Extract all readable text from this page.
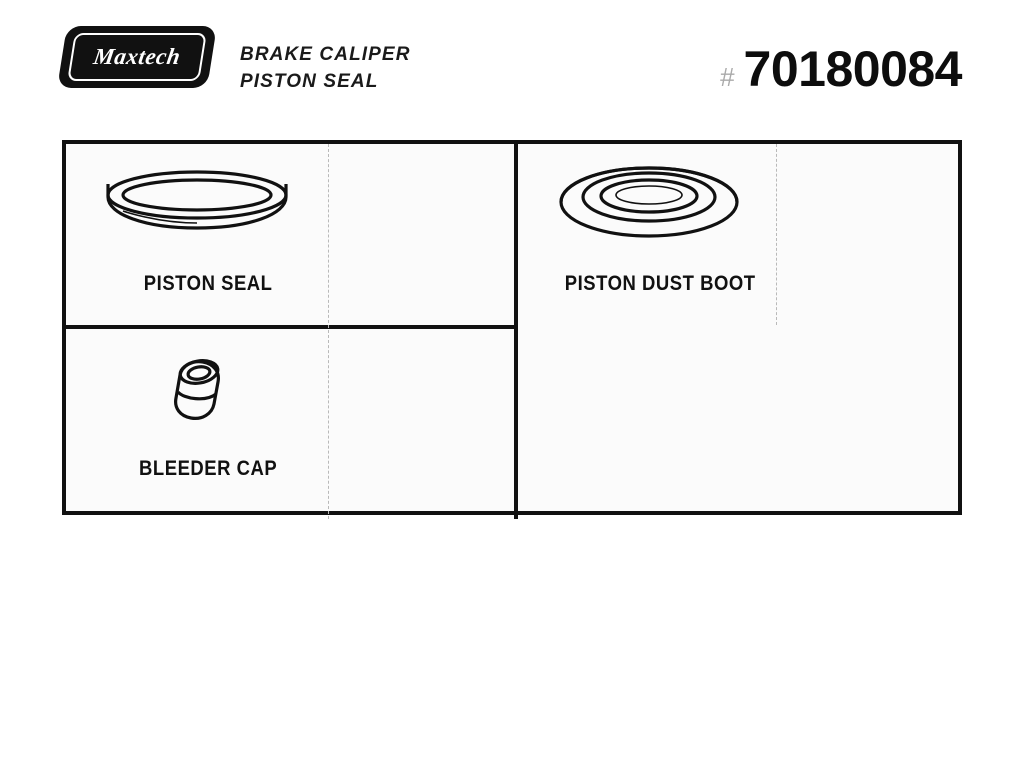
Maxtech
®
BRAKE CALIPER
PISTON SEAL	# 70180084
PISTON SEAL	PISTON DUST BOOT
BLEEDER CAP
